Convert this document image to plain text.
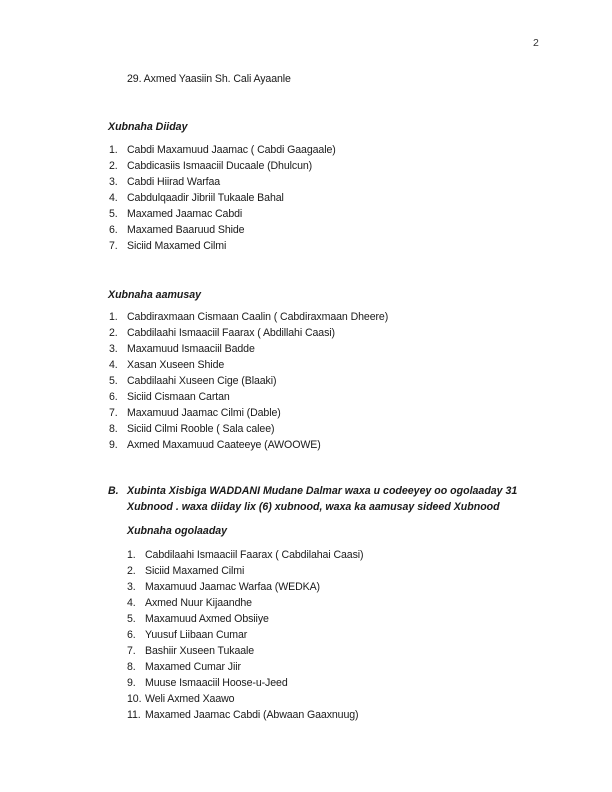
2
29. Axmed Yaasiin Sh. Cali Ayaanle
Xubnaha Diiday
1. Cabdi Maxamuud Jaamac ( Cabdi Gaagaale)
2. Cabdicasiis Ismaaciil Ducaale (Dhulcun)
3. Cabdi Hiirad Warfaa
4. Cabdulqaadir Jibriil Tukaale Bahal
5. Maxamed Jaamac Cabdi
6. Maxamed Baaruud Shide
7. Siciid Maxamed Cilmi
Xubnaha aamusay
1. Cabdiraxmaan Cismaan Caalin ( Cabdiraxmaan Dheere)
2. Cabdilaahi Ismaaciil Faarax ( Abdillahi Caasi)
3. Maxamuud Ismaaciil Badde
4. Xasan Xuseen Shide
5. Cabdilaahi Xuseen Cige (Blaaki)
6. Siciid Cismaan Cartan
7. Maxamuud Jaamac Cilmi (Dable)
8. Siciid Cilmi Rooble ( Sala calee)
9. Axmed Maxamuud Caateeye (AWOOWE)
B. Xubinta Xisbiga WADDANI Mudane Dalmar waxa u codeeyey oo ogolaaday 31
Xubnood . waxa diiday lix (6) xubnood, waxa ka aamusay sideed Xubnood
Xubnaha ogolaaday
1. Cabdilaahi Ismaaciil Faarax ( Cabdilahai Caasi)
2. Siciid Maxamed Cilmi
3. Maxamuud Jaamac Warfaa (WEDKA)
4. Axmed Nuur Kijaandhe
5. Maxamuud Axmed Obsiiye
6. Yuusuf Liibaan Cumar
7. Bashiir Xuseen Tukaale
8. Maxamed Cumar Jiir
9. Muuse Ismaaciil Hoose-u-Jeed
10. Weli Axmed Xaawo
11. Maxamed Jaamac Cabdi (Abwaan Gaaxnuug)
